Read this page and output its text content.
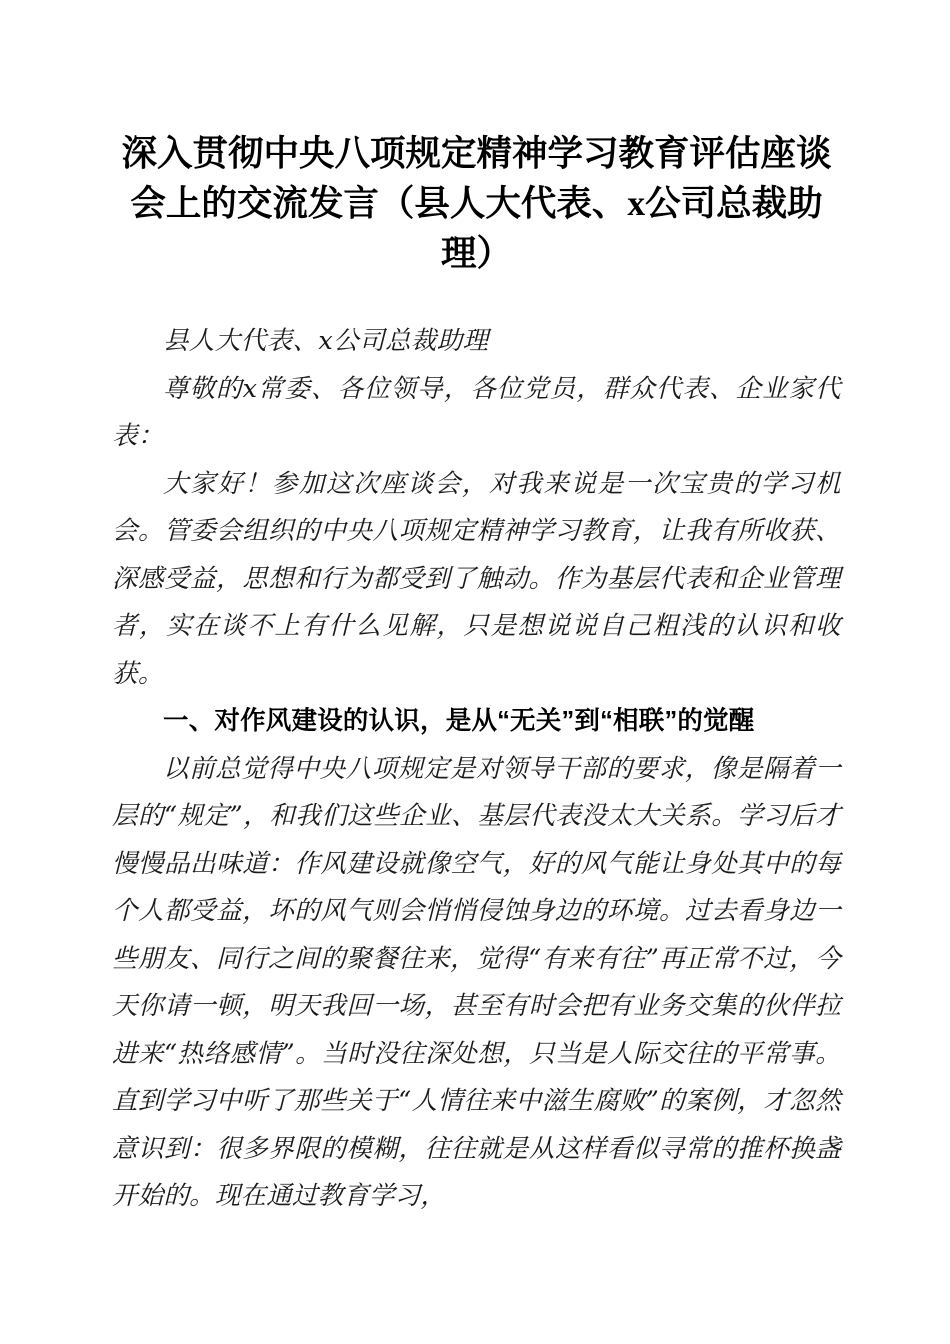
深入贯彻中央八项规定精神学习教育评估座谈会上的交流发言（县人大代表、x公司总裁助理）

县人大代表、x公司总裁助理

尊敬的x常委、各位领导，各位党员，群众代表、企业家代表：

大家好！参加这次座谈会，对我来说是一次宝贵的学习机会。管委会组织的中央八项规定精神学习教育，让我有所收获、深感受益，思想和行为都受到了触动。作为基层代表和企业管理者，实在谈不上有什么见解，只是想说说自己粗浅的认识和收获。

一、对作风建设的认识，是从“无关”到“相联”的觉醒

以前总觉得中央八项规定是对领导干部的要求，像是隔着一层的“规定”，和我们这些企业、基层代表没太大关系。学习后才慢慢品出味道：作风建设就像空气，好的风气能让身处其中的每个人都受益，坏的风气则会悄悄侵蚀身边的环境。过去看身边一些朋友、同行之间的聚餐往来，觉得“有来有往”再正常不过，今天你请一顿，明天我回一场，甚至有时会把有业务交集的伙伴拉进来“热络感情”。当时没往深处想，只当是人际交往的平常事。直到学习中听了那些关于“人情往来中滋生腐败”的案例，才忽然意识到：很多界限的模糊，往往就是从这样看似寻常的推杯换盏开始的。现在通过教育学习，
